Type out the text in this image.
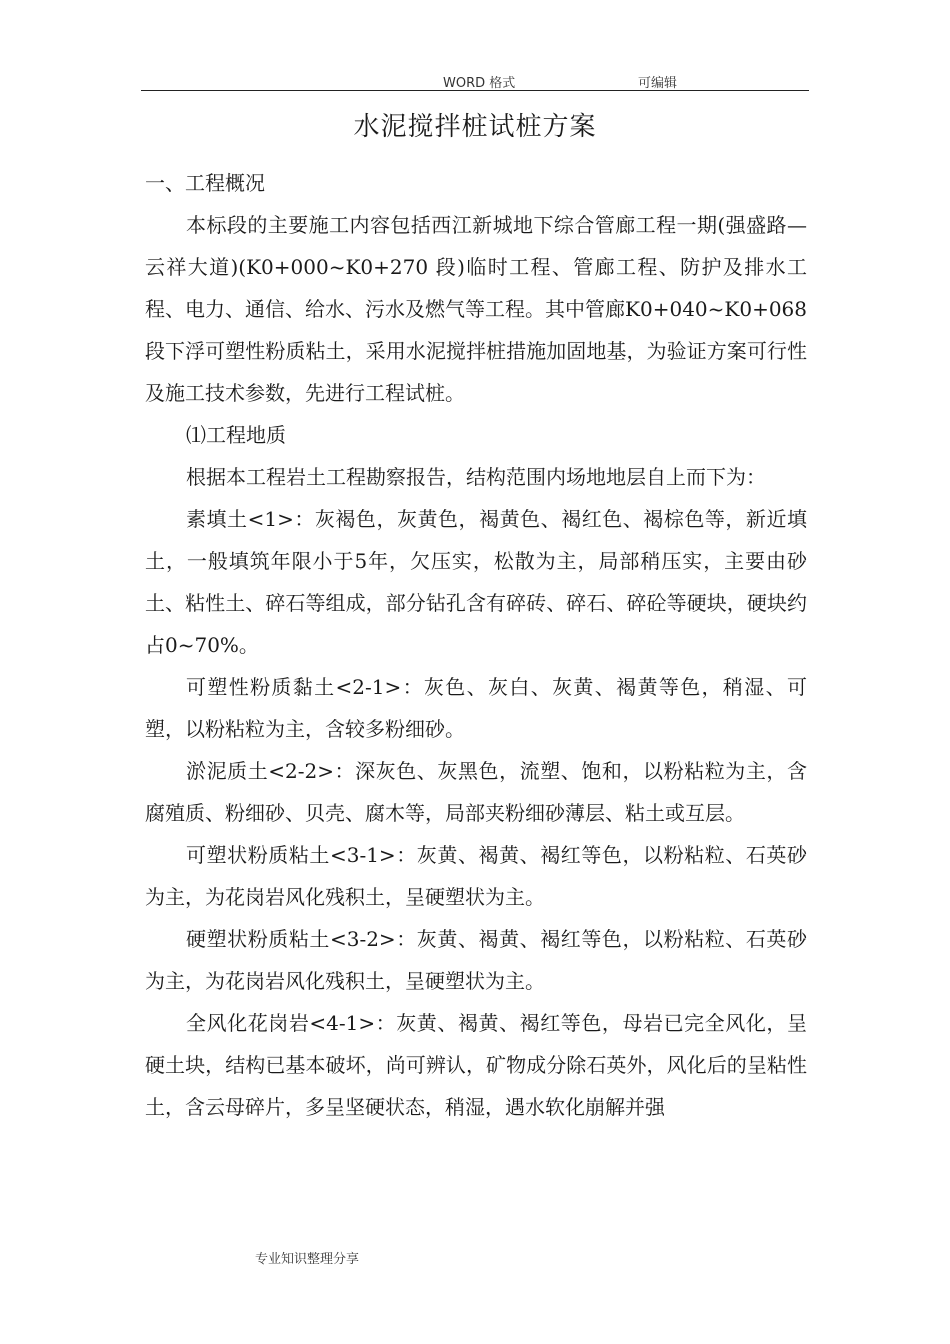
WORD 格式	可编辑
水泥搅拌桩试桩方案

一、工程概况

本标段的主要施工内容包括西江新城地下综合管廊工程一期(强盛路—云祥大道)(K0+000~K0+270 段)临时工程、管廊工程、防护及排水工程、电力、通信、给水、污水及燃气等工程。其中管廊K0+040~K0+068 段下浮可塑性粉质粘土，采用水泥搅拌桩措施加固地基，为验证方案可行性及施工技术参数，先进行工程试桩。

⑴工程地质

根据本工程岩土工程勘察报告，结构范围内场地地层自上而下为：

素填土<1>：灰褐色，灰黄色，褐黄色、褐红色、褐棕色等，新近填土，一般填筑年限小于5年，欠压实，松散为主，局部稍压实，主要由砂土、粘性土、碎石等组成，部分钻孔含有碎砖、碎石、碎砼等硬块，硬块约占0~70%。

可塑性粉质黏土<2-1>：灰色、灰白、灰黄、褐黄等色，稍湿、可塑，以粉粘粒为主，含较多粉细砂。

淤泥质土<2-2>：深灰色、灰黑色，流塑、饱和，以粉粘粒为主，含腐殖质、粉细砂、贝壳、腐木等，局部夹粉细砂薄层、粘土或互层。

可塑状粉质粘土<3-1>：灰黄、褐黄、褐红等色，以粉粘粒、石英砂为主，为花岗岩风化残积土，呈硬塑状为主。

硬塑状粉质粘土<3-2>：灰黄、褐黄、褐红等色，以粉粘粒、石英砂为主，为花岗岩风化残积土，呈硬塑状为主。

全风化花岗岩<4-1>：灰黄、褐黄、褐红等色，母岩已完全风化，呈硬土块，结构已基本破坏，尚可辨认，矿物成分除石英外，风化后的呈粘性土，含云母碎片，多呈坚硬状态，稍湿，遇水软化崩解并强

专业知识整理分享
